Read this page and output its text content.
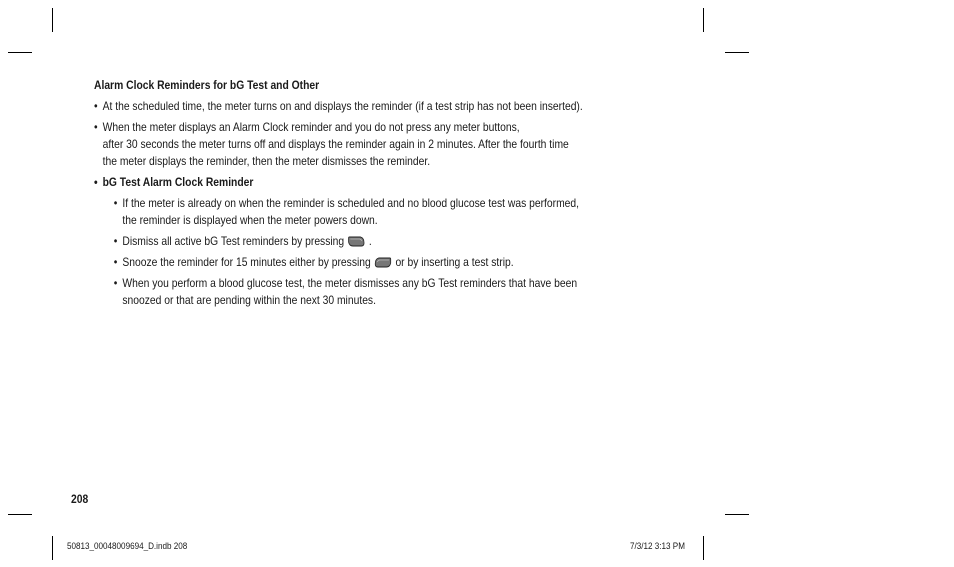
Alarm Clock Reminders for bG Test and Other
• At the scheduled time, the meter turns on and displays the reminder (if a test strip has not been inserted).
• When the meter displays an Alarm Clock reminder and you do not press any meter buttons,
after 30 seconds the meter turns off and displays the reminder again in 2 minutes. After the fourth time
the meter displays the reminder, then the meter dismisses the reminder.
• bG Test Alarm Clock Reminder
• If the meter is already on when the reminder is scheduled and no blood glucose test was performed,
the reminder is displayed when the meter powers down.
• Dismiss all active bG Test reminders by pressing .
• Snooze the reminder for 15 minutes either by pressing or by inserting a test strip.
• When you perform a blood glucose test, the meter dismisses any bG Test reminders that have been
snoozed or that are pending within the next 30 minutes.
208
50813_00048009694_D.indb 208	7/3/12 3:13 PM
